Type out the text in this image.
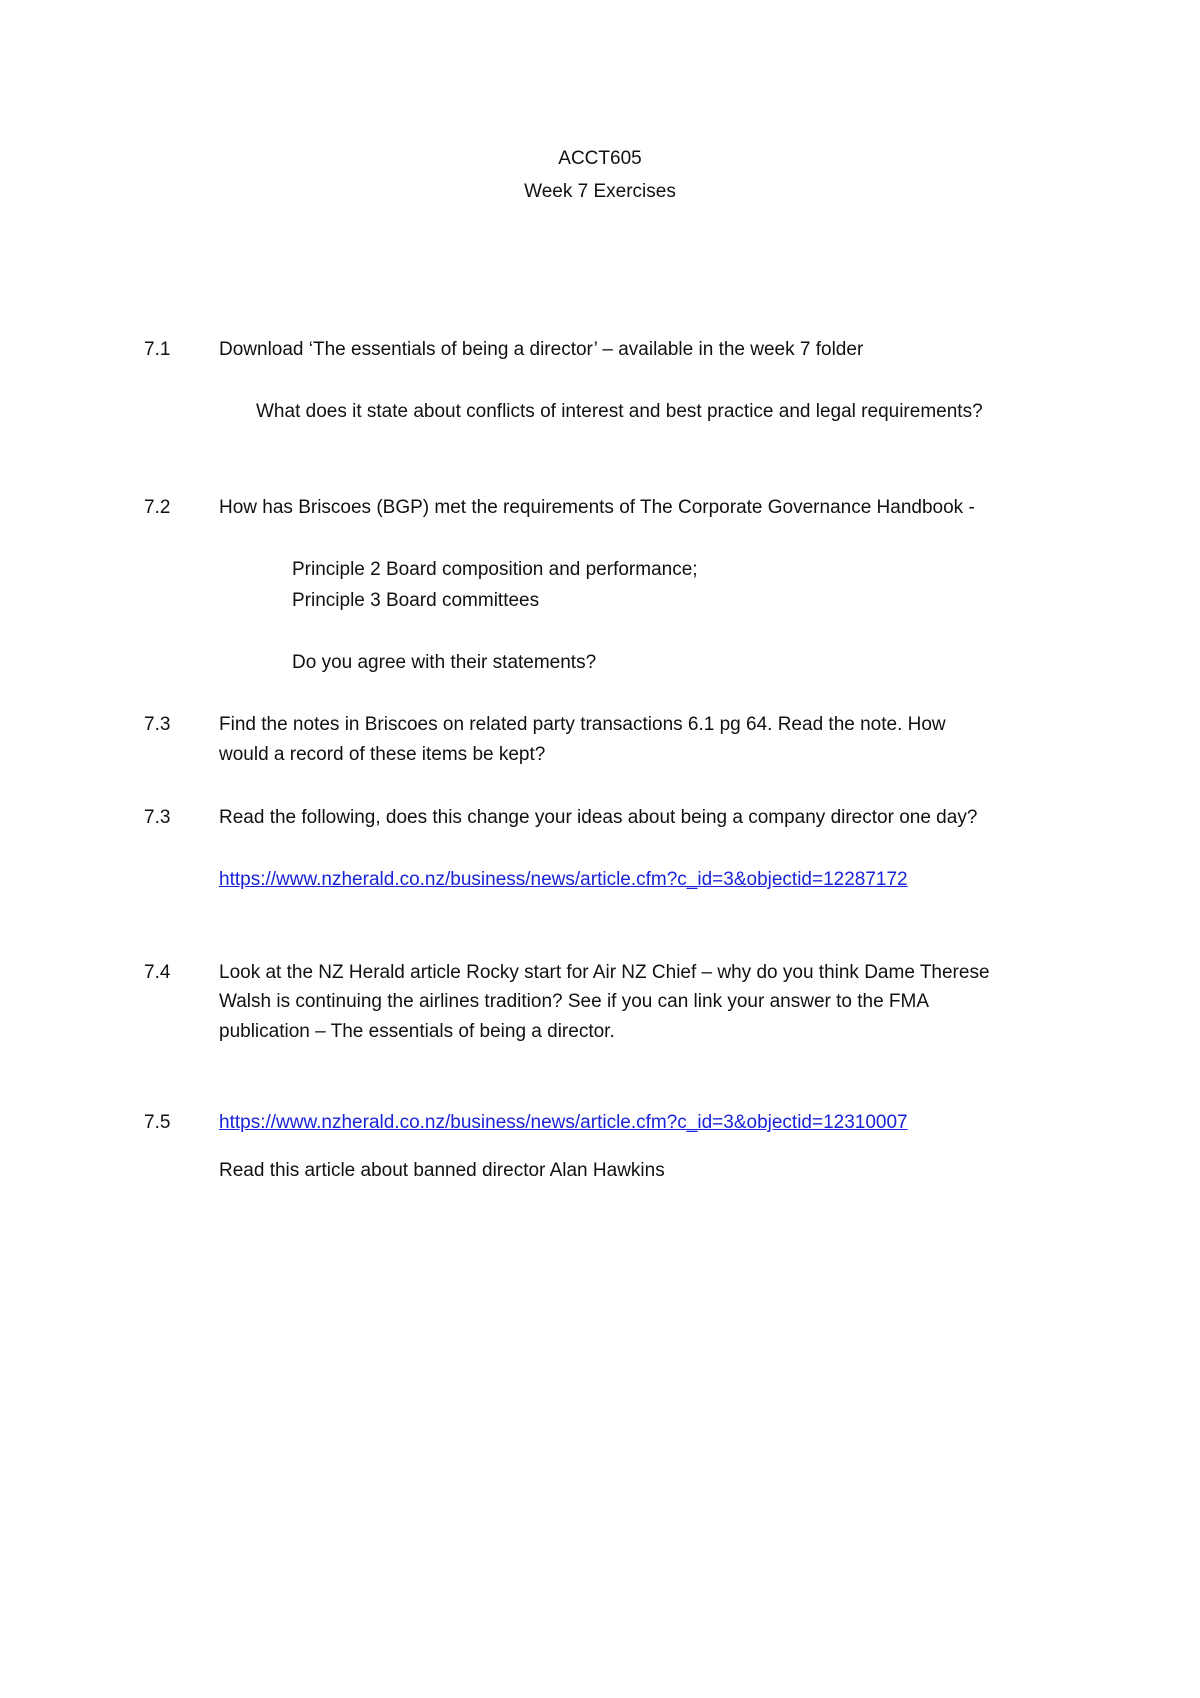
ACCT605
Week 7 Exercises
7.1	Download ‘The essentials of being a director’ – available in the week 7 folder
What does it state about conflicts of interest and best practice and legal requirements?
7.2	How has Briscoes (BGP) met the requirements of The Corporate Governance Handbook -
Principle 2 Board composition and performance;
Principle 3 Board committees
Do you agree with their statements?
7.3	Find the notes in Briscoes on related party transactions 6.1 pg 64. Read the note. How
would a record of these items be kept?
7.3	Read the following, does this change your ideas about being a company director one day?
https://www.nzherald.co.nz/business/news/article.cfm?c_id=3&objectid=12287172
7.4	Look at the NZ Herald article Rocky start for Air NZ Chief – why do you think Dame Therese
Walsh is continuing the airlines tradition? See if you can link your answer to the FMA
publication – The essentials of being a director.
7.5	https://www.nzherald.co.nz/business/news/article.cfm?c_id=3&objectid=12310007
Read this article about banned director Alan Hawkins
